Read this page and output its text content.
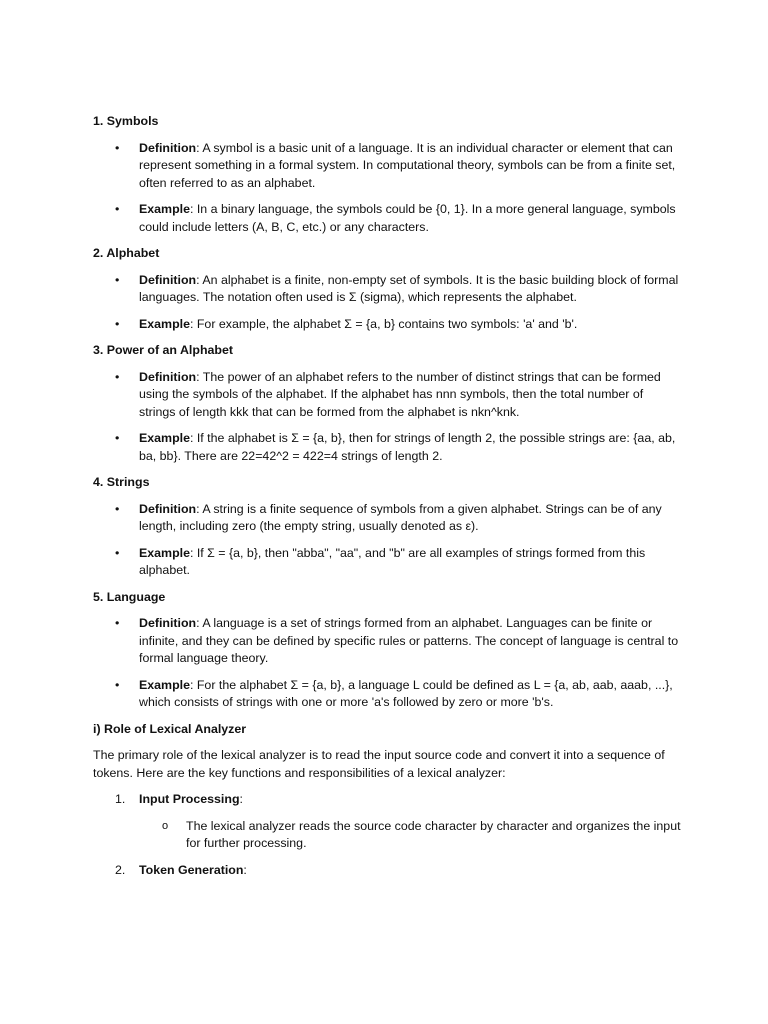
1. Symbols
• Definition: A symbol is a basic unit of a language. It is an individual character or element that can represent something in a formal system. In computational theory, symbols can be from a finite set, often referred to as an alphabet.
• Example: In a binary language, the symbols could be {0, 1}. In a more general language, symbols could include letters (A, B, C, etc.) or any characters.
2. Alphabet
• Definition: An alphabet is a finite, non-empty set of symbols. It is the basic building block of formal languages. The notation often used is Σ (sigma), which represents the alphabet.
• Example: For example, the alphabet Σ = {a, b} contains two symbols: 'a' and 'b'.
3. Power of an Alphabet
• Definition: The power of an alphabet refers to the number of distinct strings that can be formed using the symbols of the alphabet. If the alphabet has nnn symbols, then the total number of strings of length kkk that can be formed from the alphabet is nkn^knk.
• Example: If the alphabet is Σ = {a, b}, then for strings of length 2, the possible strings are: {aa, ab, ba, bb}. There are 22=42^2 = 422=4 strings of length 2.
4. Strings
• Definition: A string is a finite sequence of symbols from a given alphabet. Strings can be of any length, including zero (the empty string, usually denoted as ε).
• Example: If Σ = {a, b}, then "abba", "aa", and "b" are all examples of strings formed from this alphabet.
5. Language
• Definition: A language is a set of strings formed from an alphabet. Languages can be finite or infinite, and they can be defined by specific rules or patterns. The concept of language is central to formal language theory.
• Example: For the alphabet Σ = {a, b}, a language L could be defined as L = {a, ab, aab, aaab, ...}, which consists of strings with one or more 'a's followed by zero or more 'b's.
i) Role of Lexical Analyzer

The primary role of the lexical analyzer is to read the input source code and convert it into a sequence of tokens. Here are the key functions and responsibilities of a lexical analyzer:

1. Input Processing:
o The lexical analyzer reads the source code character by character and organizes the input for further processing.
2. Token Generation:
